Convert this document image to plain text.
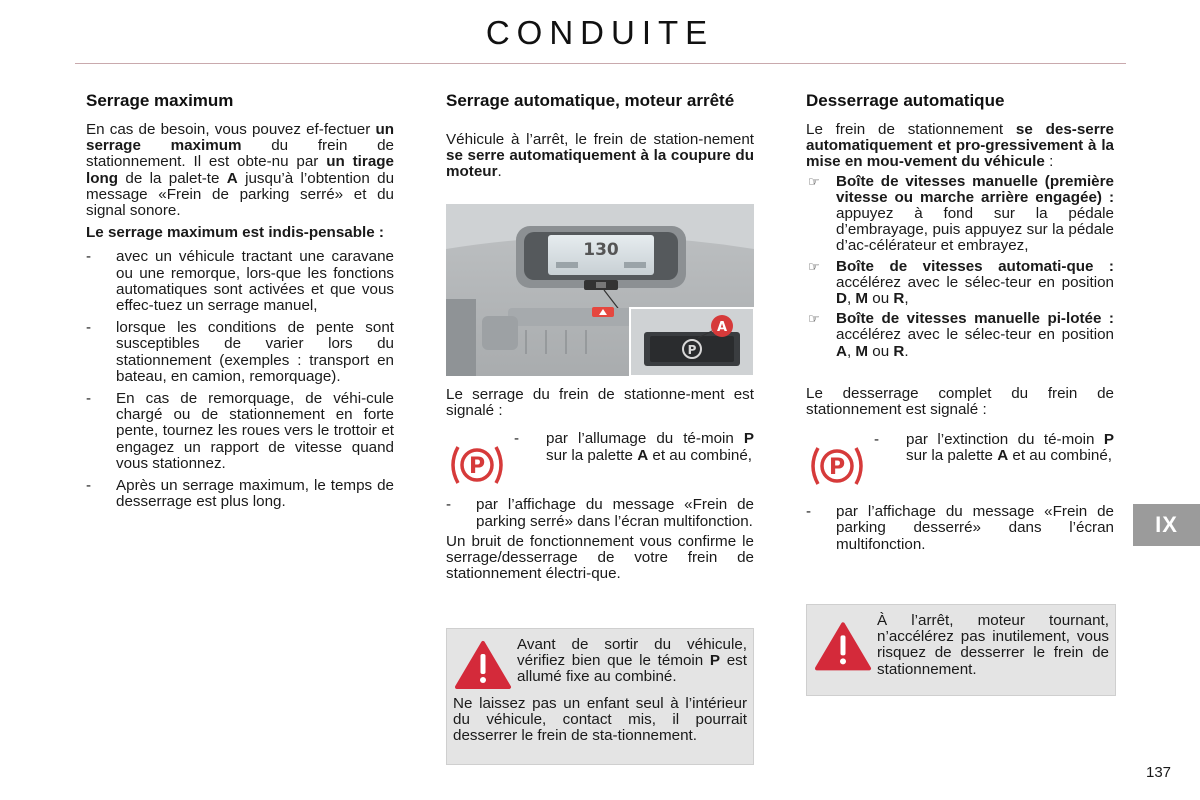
CONDUITE
Serrage maximum

En cas de besoin, vous pouvez ef-fectuer un serrage maximum du frein de stationnement. Il est obte-nu par un tirage long de la palet-te A jusqu’à l’obtention du message «Frein de parking serré» et du signal sonore.

Le serrage maximum est indis-pensable :

- avec un véhicule tractant une caravane ou une remorque, lors-que les fonctions automatiques sont activées et que vous effec-tuez un serrage manuel,
- lorsque les conditions de pente sont susceptibles de varier lors du stationnement (exemples : transport en bateau, en camion, remorquage).
- En cas de remorquage, de véhi-cule chargé ou de stationnement en forte pente, tournez les roues vers le trottoir et engagez un rapport de vitesse quand vous stationnez.
- Après un serrage maximum, le temps de desserrage est plus long.
Serrage automatique, moteur arrêté

Véhicule à l’arrêt, le frein de station-nement se serre automatiquement à la coupure du moteur.

130
P
A

Le serrage du frein de stationne-ment est signalé :

P
- par l’allumage du té-moin P sur la palette A et au combiné,
- par l’affichage du message «Frein de parking serré» dans l’écran multifonction.

Un bruit de fonctionnement vous confirme le serrage/desserrage de votre frein de stationnement électri-que.

Avant de sortir du véhicule, vérifiez bien que le témoin P est allumé fixe au combiné.

Ne laissez pas un enfant seul à l’intérieur du véhicule, contact mis, il pourrait desserrer le frein de sta-tionnement.

Desserrage automatique

Le frein de stationnement se des-serre automatiquement et pro-gressivement à la mise en mou-vement du véhicule :

☞ Boîte de vitesses manuelle (première vitesse ou marche arrière engagée) : appuyez à fond sur la pédale d’embrayage, puis appuyez sur la pédale d’ac-célérateur et embrayez,
☞ Boîte de vitesses automati-que : accélérez avec le sélec-teur en position D, M ou R,
☞ Boîte de vitesses manuelle pi-lotée : accélérez avec le sélec-teur en position A, M ou R.

Le desserrage complet du frein de stationnement est signalé :

P
- par l’extinction du té-moin P sur la palette A et au combiné,
- par l’affichage du message «Frein de parking desserré» dans l’écran multifonction.

À l’arrêt, moteur tournant, n’accélérez pas inutilement, vous risquez de desserrer le frein de stationnement.

IX
137
